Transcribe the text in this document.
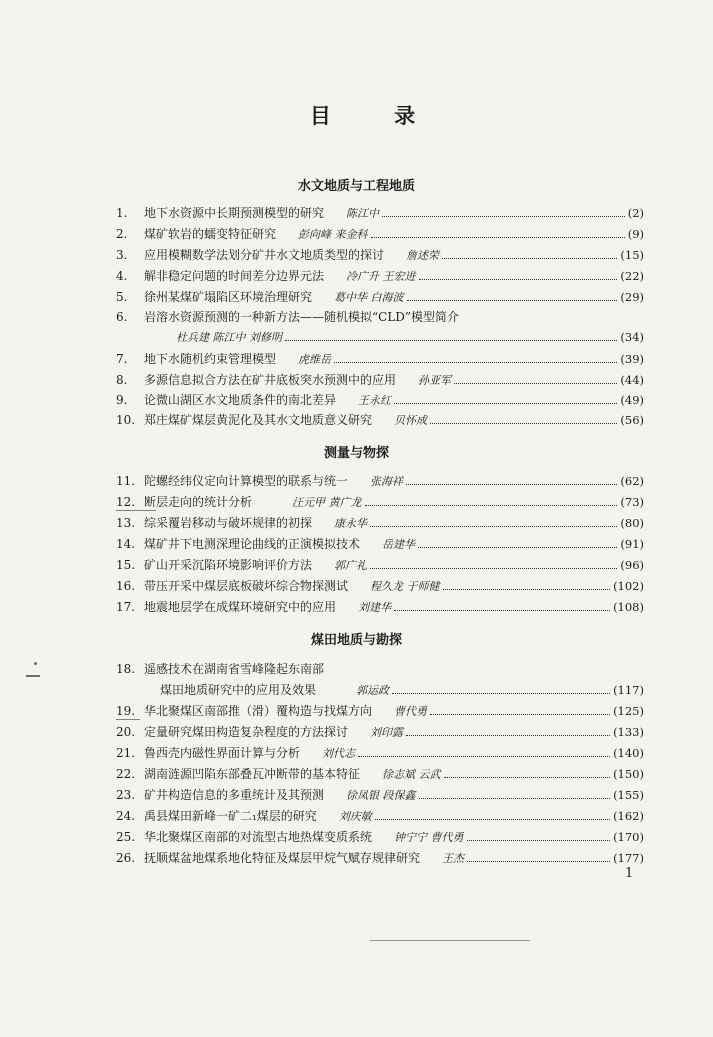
目 录
水文地质与工程地质
1.	地下水资源中长期预测模型的研究 陈江中	(2)
2.	煤矿软岩的蠕变特征研究 彭向峰 来金科	(9)
3.	应用模糊数学法划分矿井水文地质类型的探讨 詹述荣	(15)
4.	解非稳定问题的时间差分边界元法 冷广升 王宏进	(22)
5.	徐州某煤矿塌陷区环境治理研究 葛中华 白海波	(29)
6.	岩溶水资源预测的一种新方法——随机模拟“CLD”模型简介
杜兵建 陈江中 刘修明	(34)
7.	地下水随机约束管理模型 虎维岳	(39)
8.	多源信息拟合方法在矿井底板突水预测中的应用 孙亚军	(44)
9.	论微山湖区水文地质条件的南北差异 王永红	(49)
10. 郑庄煤矿煤层黄泥化及其水文地质意义研究 贝怀成	(56)
测量与物探
11. 陀螺经纬仪定向计算模型的联系与统一 张海祥	(62)
12. 断层走向的统计分析	汪元甲 黄广龙	(73)
13. 综采覆岩移动与破坏规律的初探 康永华	(80)
14. 煤矿井下电测深理论曲线的正演模拟技术 岳建华	(91)
15. 矿山开采沉陷环境影响评价方法 郭广礼	(96)
16. 带压开采中煤层底板破坏综合物探测试 程久龙 于师健	(102)
17. 地震地层学在成煤环境研究中的应用 刘建华	(108)
煤田地质与勘探
18. 遥感技术在湖南省雪峰隆起东南部
煤田地质研究中的应用及效果	郭运政	(117)
19. 华北聚煤区南部推（滑）覆构造与找煤方向 曹代勇	(125)
20. 定量研究煤田构造复杂程度的方法探讨 刘印露	(133)
21. 鲁西壳内磁性界面计算与分析 刘代志	(140)
22. 湖南涟源凹陷东部叠瓦冲断带的基本特征 徐志斌 云武	(150)
23. 矿井构造信息的多重统计及其预测 徐凤银 段保鑫	(155)
24. 禹县煤田新峰一矿二₁煤层的研究 刘庆敏	(162)
25. 华北聚煤区南部的对流型古地热煤变质系统 钟宁宁 曹代勇	(170)
26. 抚顺煤盆地煤系地化特征及煤层甲烷气赋存规律研究 王杰	(177)
1
